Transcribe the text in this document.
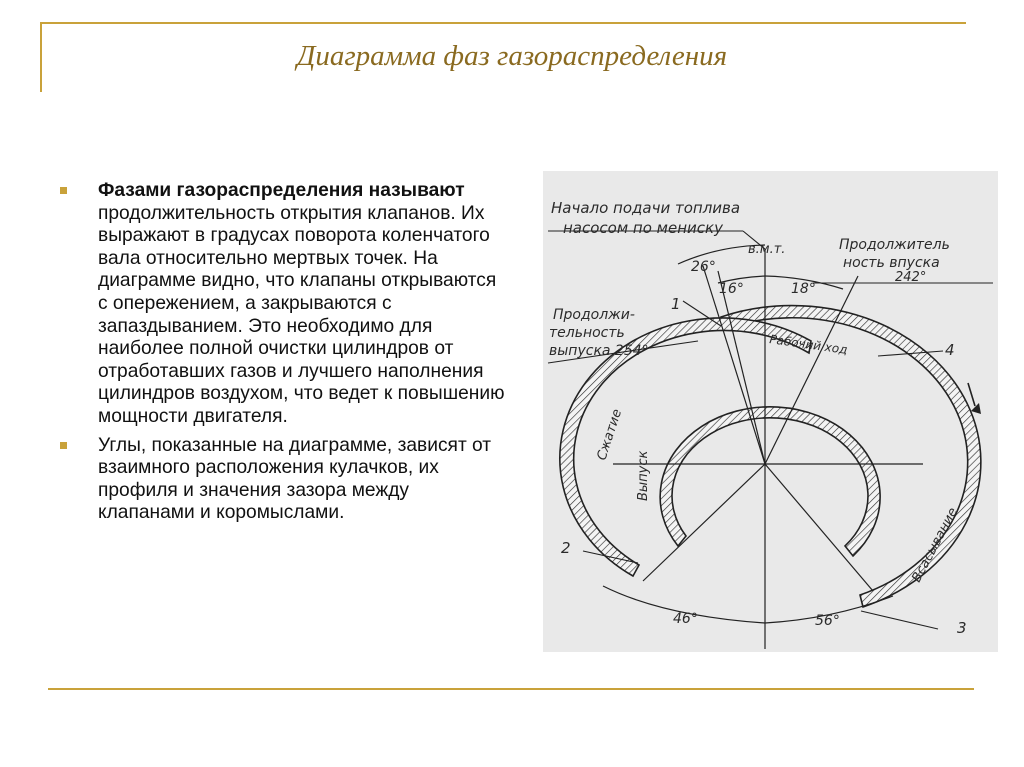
Диаграмма фаз газораспределения
Фазами газораспределения называют продолжительность открытия клапанов. Их выражают в градусах поворота коленчатого вала относительно мертвых точек. На диаграмме видно, что клапаны открываются с опережением, а закрываются с запаздыванием. Это необходимо для наиболее полной очистки цилиндров от отработавших газов и лучшего наполнения цилиндров воздухом, что ведет к повышению мощности двигателя.
Углы, показанные на диаграмме, зависят от взаимного расположения кулачков, их профиля и значения зазора между клапанами и коромыслами.
Начало подачи топлива
насосом по мениску
в.м.т.	Продолжитель
ность впуска
242°
Продолжи-
тельность
выпуска 254°
26°
16°	18°
46°	56°
1
2
3
4
Рабочий ход
Сжатие
Выпуск
Всасывание
